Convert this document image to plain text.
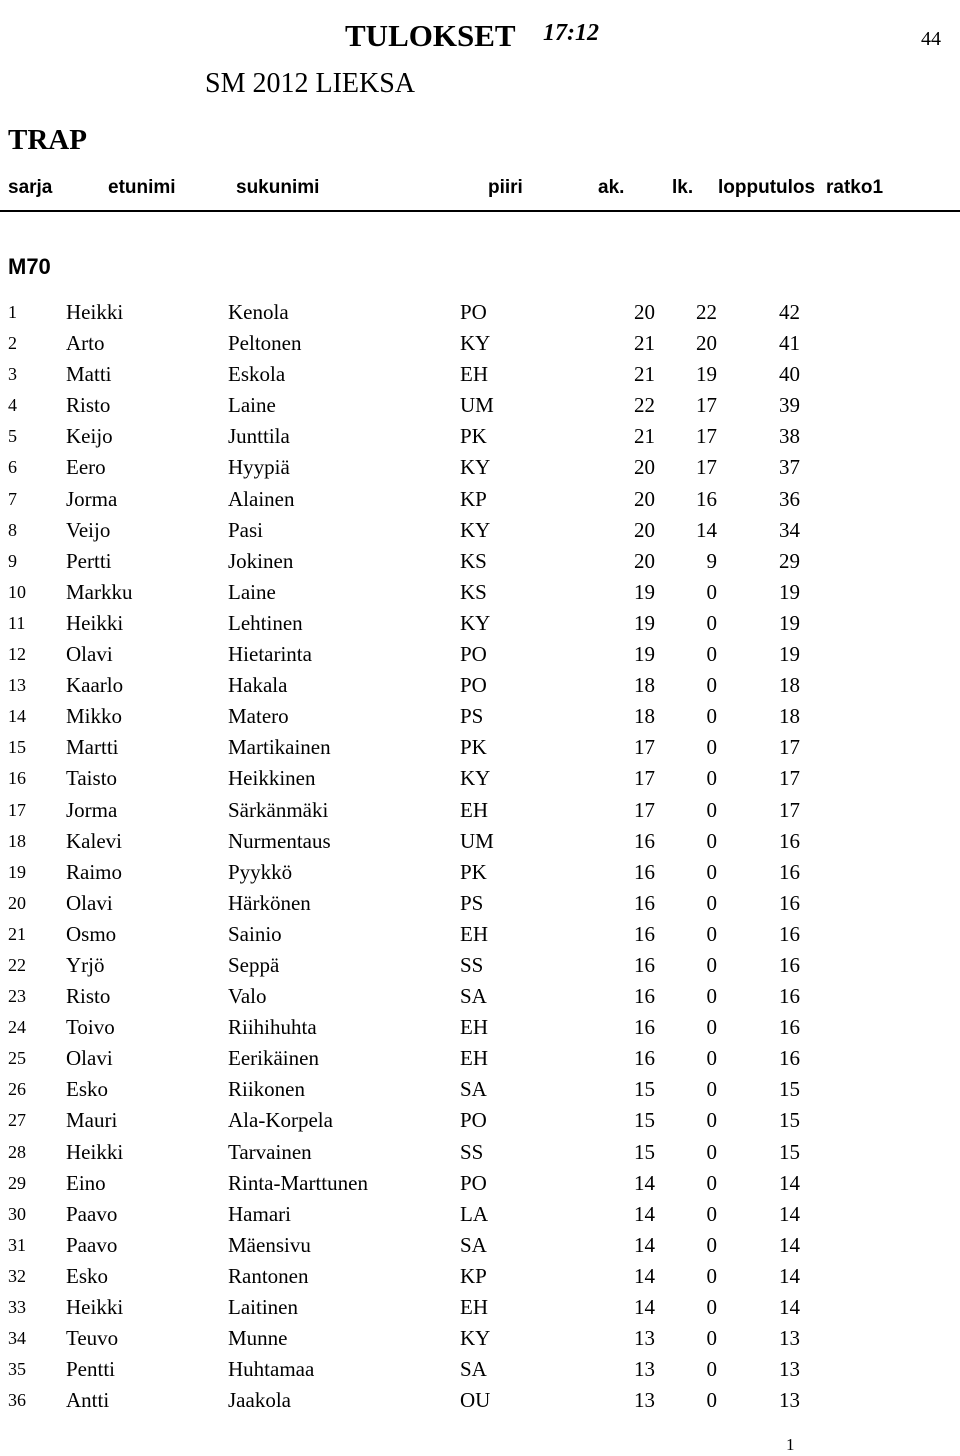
TULOKSET 17:12	44
SM 2012 LIEKSA
TRAP
sarja	etunimi	sukunimi	piiri	ak.	lk. lopputulos ratko1
M70
1 Heikki	Kenola	PO	20	22	42
2 Arto	Peltonen	KY	21	20	41
3 Matti	Eskola	EH	21	19	40
4 Risto	Laine	UM	22	17	39
5 Keijo	Junttila	PK	21	17	38
6 Eero	Hyypiä	KY	20	17	37
7 Jorma	Alainen	KP	20	16	36
8 Veijo	Pasi	KY	20	14	34
9 Pertti	Jokinen	KS	20	9	29
10 Markku	Laine	KS	19	0	19
11 Heikki	Lehtinen	KY	19	0	19
12 Olavi	Hietarinta	PO	19	0	19
13 Kaarlo	Hakala	PO	18	0	18
14 Mikko	Matero	PS	18	0	18
15 Martti	Martikainen	PK	17	0	17
16 Taisto	Heikkinen	KY	17	0	17
17 Jorma	Särkänmäki	EH	17	0	17
18 Kalevi	Nurmentaus	UM	16	0	16
19 Raimo	Pyykkö	PK	16	0	16
20 Olavi	Härkönen	PS	16	0	16
21 Osmo	Sainio	EH	16	0	16
22 Yrjö	Seppä	SS	16	0	16
23 Risto	Valo	SA	16	0	16
24 Toivo	Riihihuhta	EH	16	0	16
25 Olavi	Eerikäinen	EH	16	0	16
26 Esko	Riikonen	SA	15	0	15
27 Mauri	Ala-Korpela	PO	15	0	15
28 Heikki	Tarvainen	SS	15	0	15
29 Eino	Rinta-Marttunen	PO	14	0	14
30 Paavo	Hamari	LA	14	0	14
31 Paavo	Mäensivu	SA	14	0	14
32 Esko	Rantonen	KP	14	0	14
33 Heikki	Laitinen	EH	14	0	14
34 Teuvo	Munne	KY	13	0	13
35 Pentti	Huhtamaa	SA	13	0	13
36 Antti	Jaakola	OU	13	0	13
1
